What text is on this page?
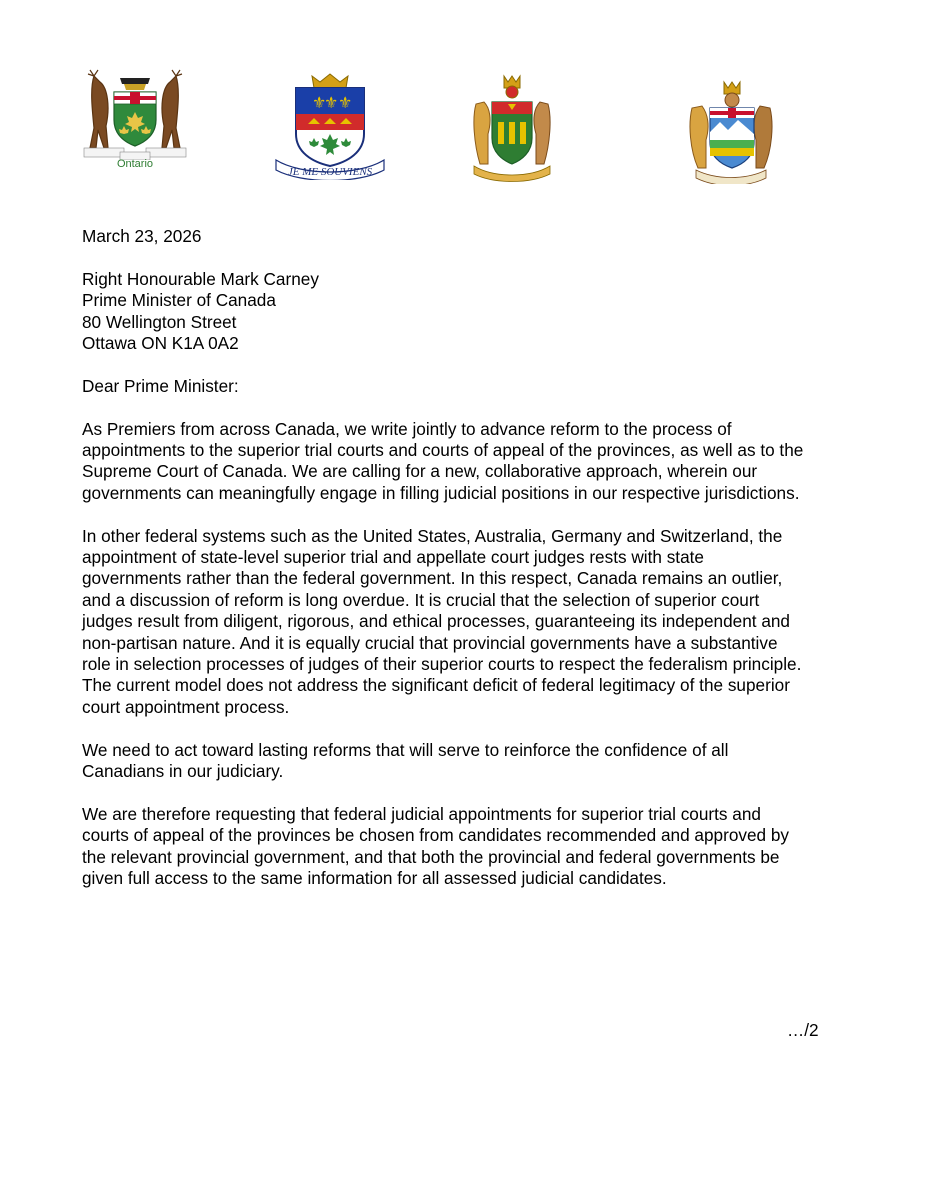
Ontario
⚜
⚜ ⚜
JE ME SOUVIENS
March 23, 2026
Right Honourable Mark Carney
Prime Minister of Canada
80 Wellington Street
Ottawa ON K1A 0A2
Dear Prime Minister:
As Premiers from across Canada, we write jointly to advance reform to the process of
appointments to the superior trial courts and courts of appeal of the provinces, as well as to the
Supreme Court of Canada. We are calling for a new, collaborative approach, wherein our
governments can meaningfully engage in filling judicial positions in our respective jurisdictions.
In other federal systems such as the United States, Australia, Germany and Switzerland, the
appointment of state-level superior trial and appellate court judges rests with state
governments rather than the federal government. In this respect, Canada remains an outlier,
and a discussion of reform is long overdue. It is crucial that the selection of superior court
judges result from diligent, rigorous, and ethical processes, guaranteeing its independent and
non-partisan nature. And it is equally crucial that provincial governments have a substantive
role in selection processes of judges of their superior courts to respect the federalism principle.
The current model does not address the significant deficit of federal legitimacy of the superior
court appointment process.
We need to act toward lasting reforms that will serve to reinforce the confidence of all
Canadians in our judiciary.
We are therefore requesting that federal judicial appointments for superior trial courts and
courts of appeal of the provinces be chosen from candidates recommended and approved by
the relevant provincial government, and that both the provincial and federal governments be
given full access to the same information for all assessed judicial candidates.
…/2
